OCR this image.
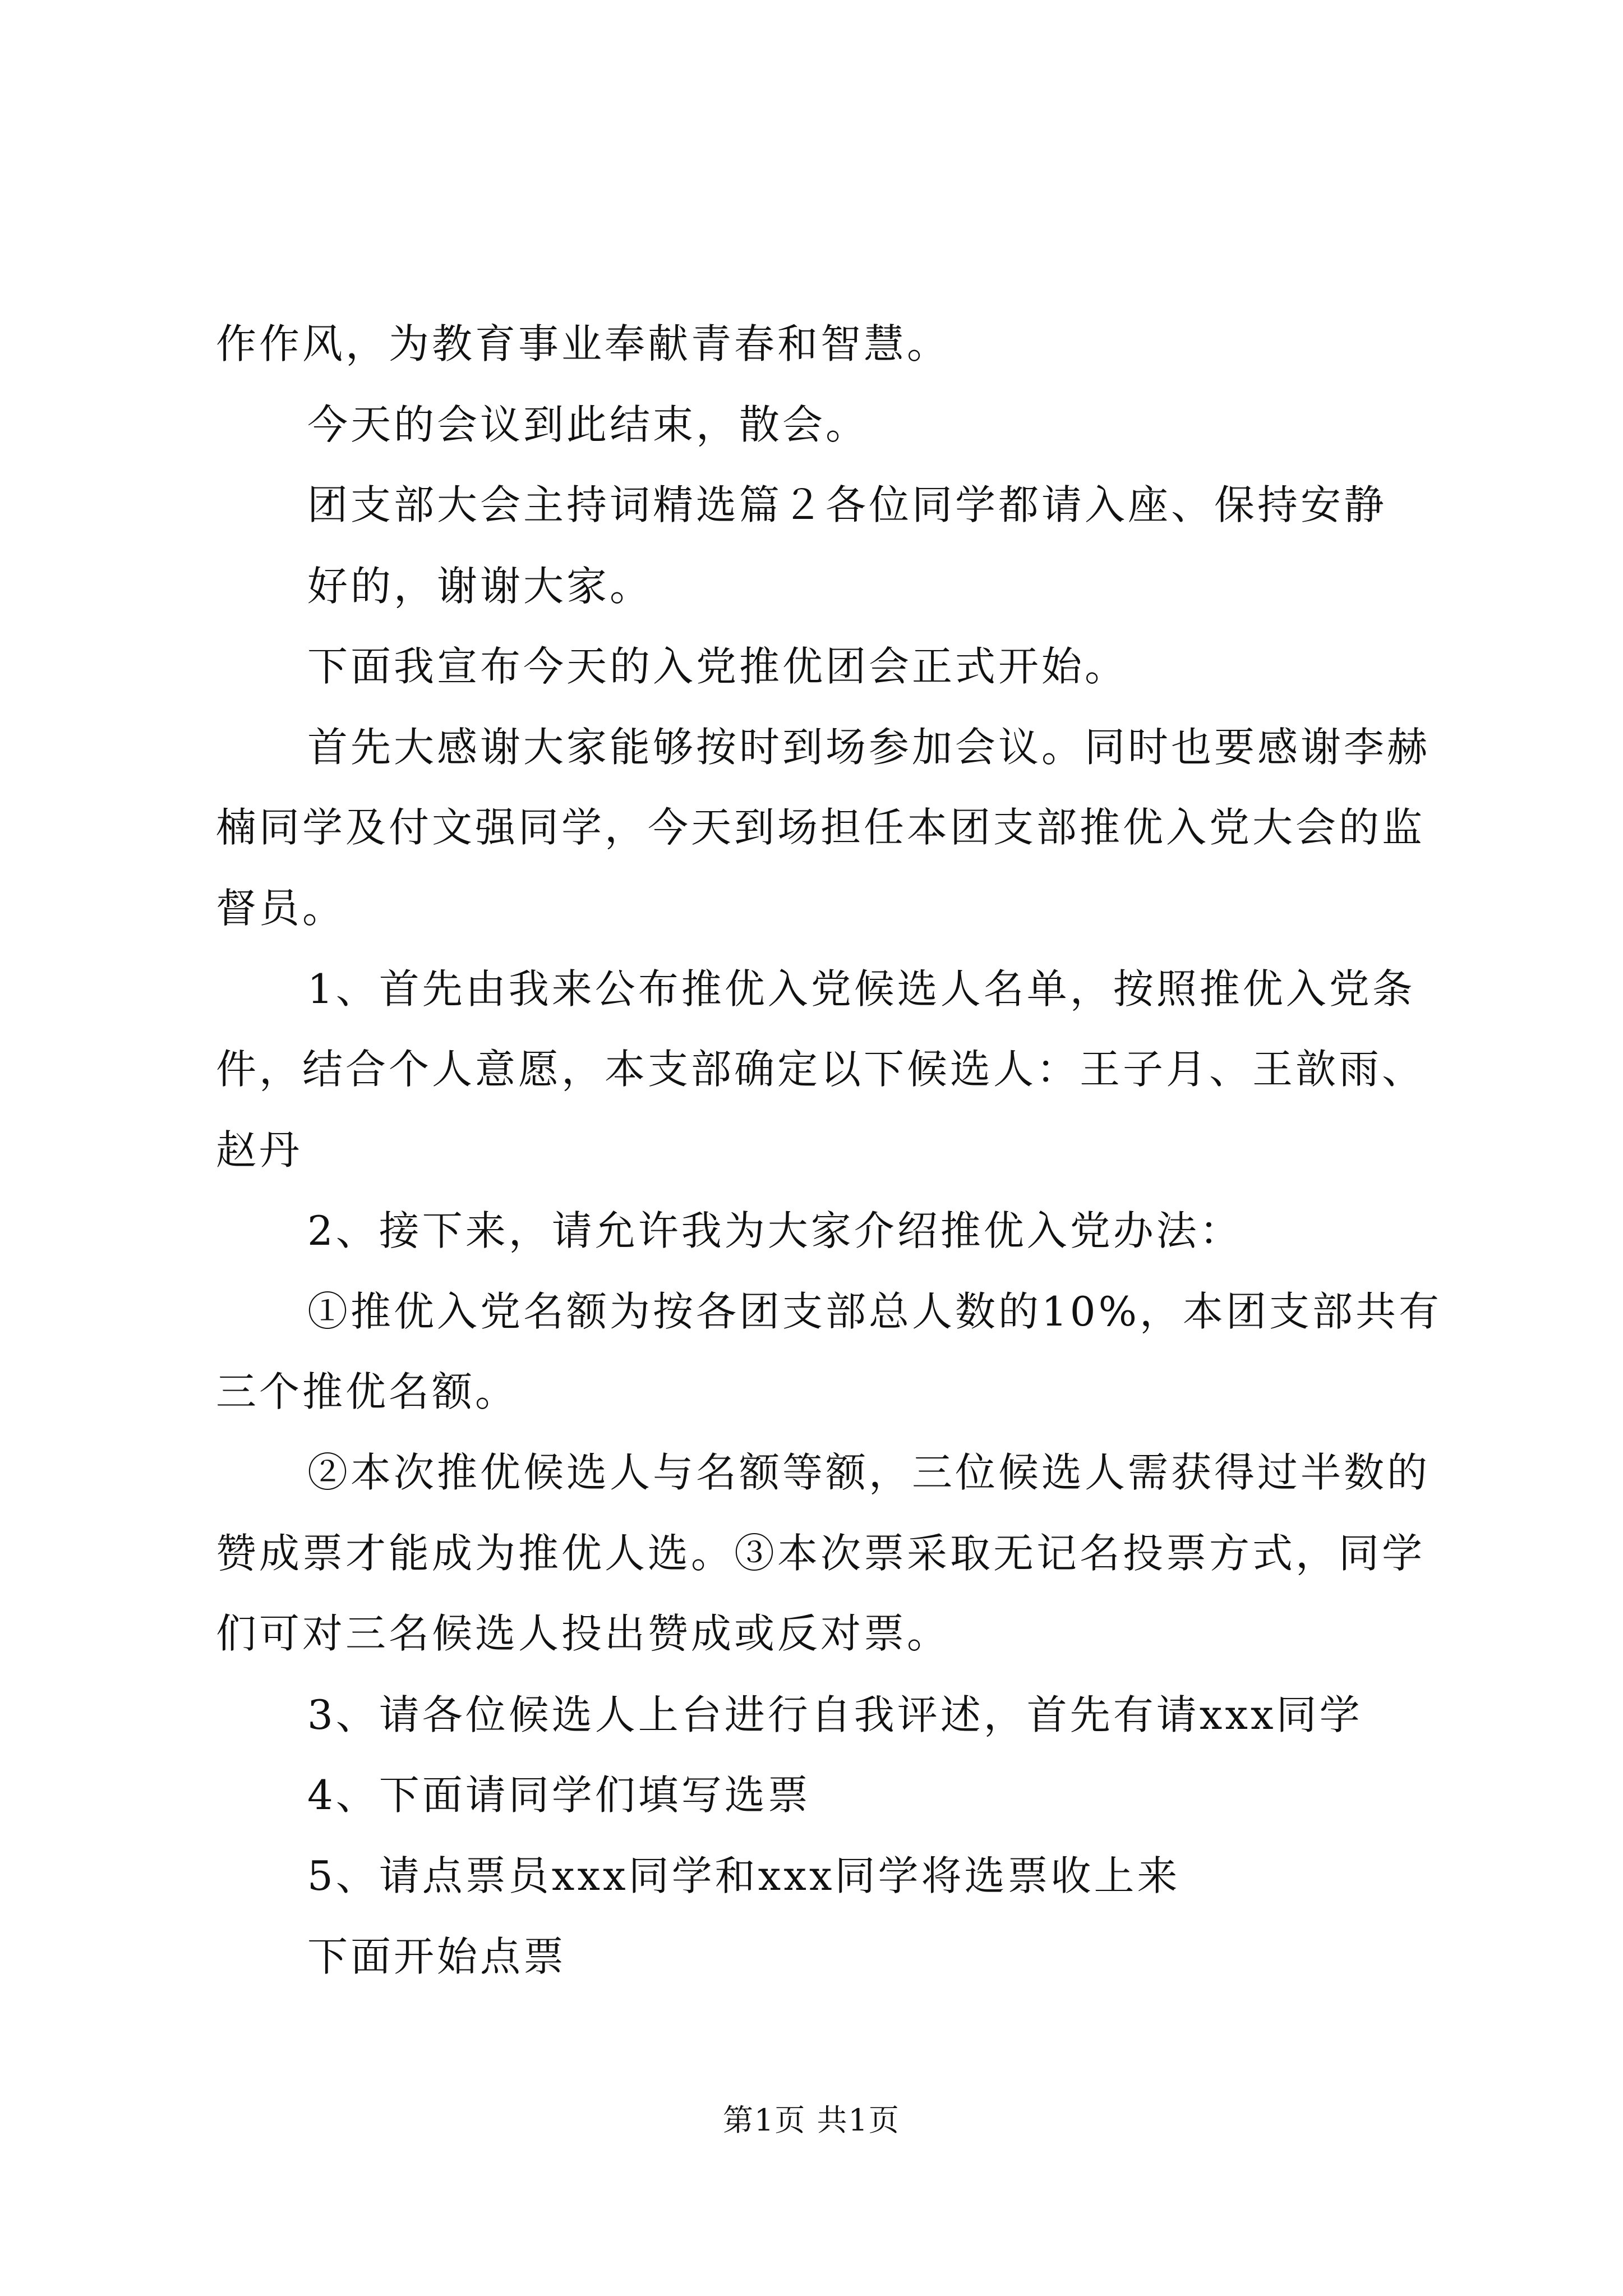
作作风，为教育事业奉献青春和智慧。
今天的会议到此结束，散会。
团支部大会主持词精选篇２各位同学都请入座、保持安静
好的，谢谢大家。
下面我宣布今天的入党推优团会正式开始。
首先大感谢大家能够按时到场参加会议。同时也要感谢李赫
楠同学及付文强同学，今天到场担任本团支部推优入党大会的监
督员。
1、首先由我来公布推优入党候选人名单，按照推优入党条
件，结合个人意愿，本支部确定以下候选人：王子月、王歆雨、
赵丹
2、接下来，请允许我为大家介绍推优入党办法：
①推优入党名额为按各团支部总人数的10%，本团支部共有
三个推优名额。
②本次推优候选人与名额等额，三位候选人需获得过半数的
赞成票才能成为推优人选。③本次票采取无记名投票方式，同学
们可对三名候选人投出赞成或反对票。
3、请各位候选人上台进行自我评述，首先有请xxx同学
4、下面请同学们填写选票
5、请点票员xxx同学和xxx同学将选票收上来
下面开始点票
第1页 共1页
